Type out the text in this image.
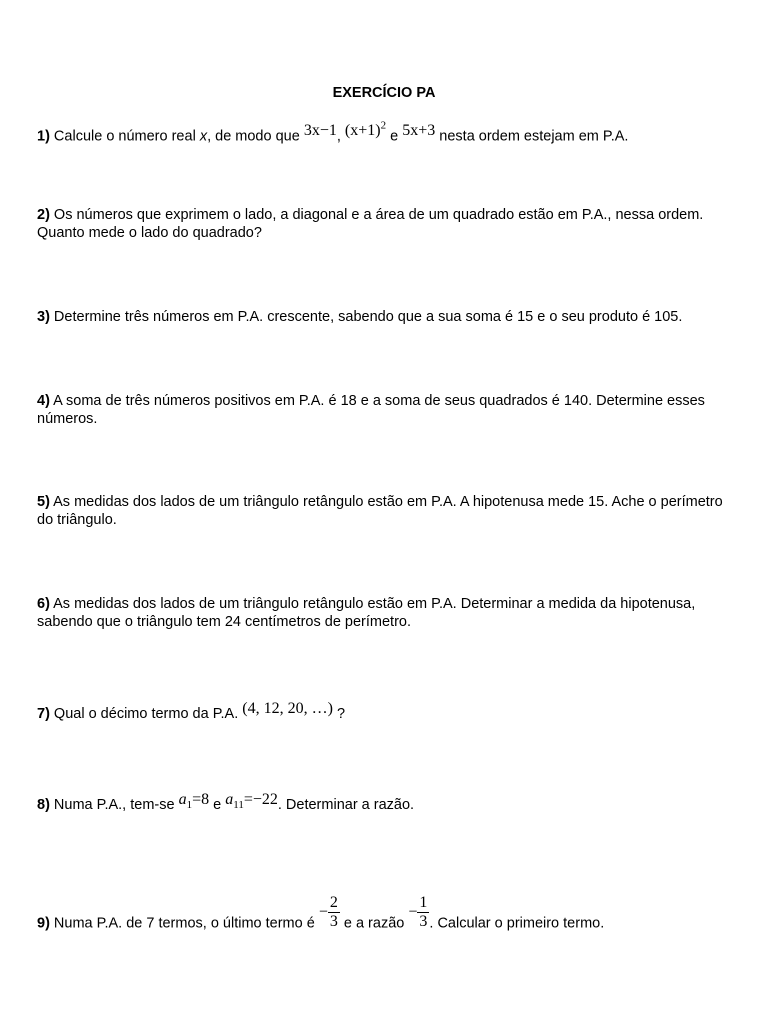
EXERCÍCIO PA
1) Calcule o número real x, de modo que 3x−1, $(x+1)^2$ e 5x+3 nesta ordem estejam em P.A.
2) Os números que exprimem o lado, a diagonal e a área de um quadrado estão em P.A., nessa ordem. Quanto mede o lado do quadrado?
3) Determine três números em P.A. crescente, sabendo que a sua soma é 15 e o seu produto é 105.
4) A soma de três números positivos em P.A. é 18 e a soma de seus quadrados é 140. Determine esses números.
5) As medidas dos lados de um triângulo retângulo estão em P.A. A hipotenusa mede 15. Ache o perímetro do triângulo.
6) As medidas dos lados de um triângulo retângulo estão em P.A. Determinar a medida da hipotenusa, sabendo que o triângulo tem 24 centímetros de perímetro.
7) Qual o décimo termo da P.A. (4, 12, 20, …) ?
8) Numa P.A., tem-se $a_1=8$ e $a_{11}=-22$. Determinar a razão.
9) Numa P.A. de 7 termos, o último termo é − $\frac{2}{3}$ e a razão − $\frac{1}{3}$ . Calcular o primeiro termo.
